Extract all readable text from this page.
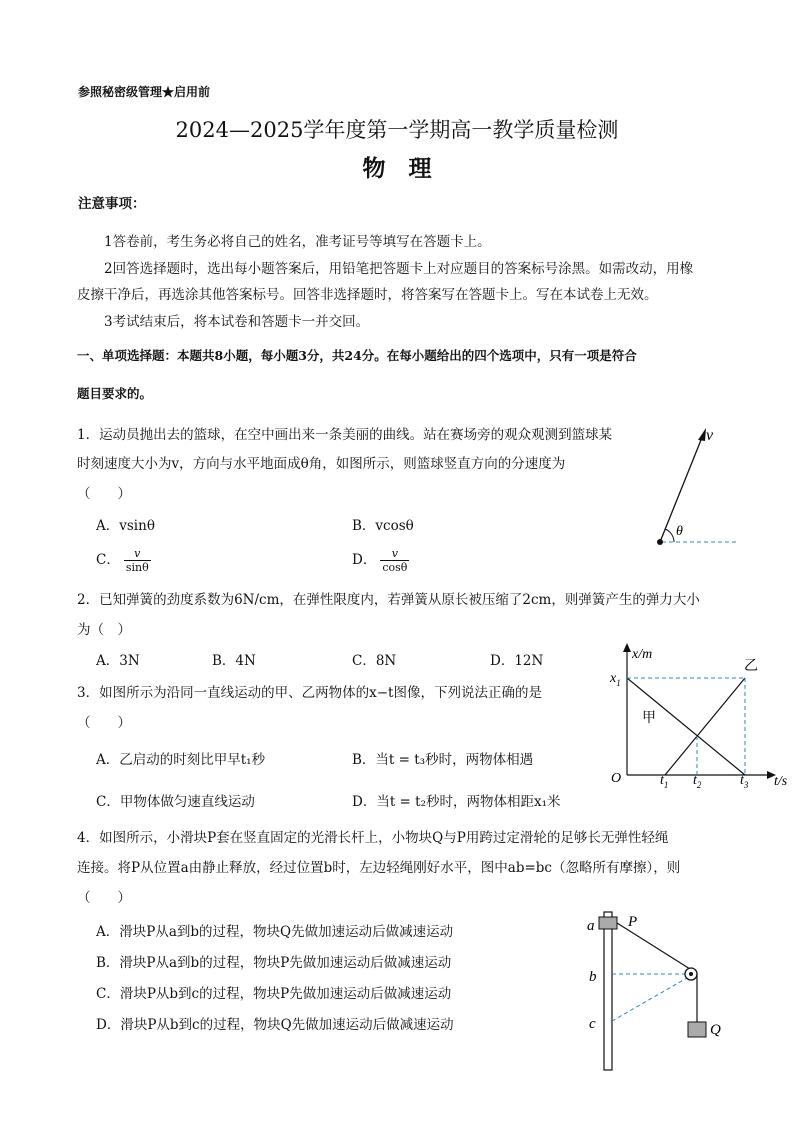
参照秘密级管理★启用前
2024—2025学年度第一学期高一教学质量检测
物　理
注意事项：
1答卷前，考生务必将自己的姓名，准考证号等填写在答题卡上。
2回答选择题时，选出每小题答案后，用铅笔把答题卡上对应题目的答案标号涂黑。如需改动，用橡
皮擦干净后，再选涂其他答案标号。回答非选择题时，将答案写在答题卡上。写在本试卷上无效。
3考试结束后，将本试卷和答题卡一并交回。
一、单项选择题：本题共8小题，每小题3分，共24分。在每小题给出的四个选项中，只有一项是符合
题目要求的。
1．运动员抛出去的篮球，在空中画出来一条美丽的曲线。站在赛场旁的观众观测到篮球某
时刻速度大小为v，方向与水平地面成θ角，如图所示，则篮球竖直方向的分速度为
（　　）
A．vsinθ	B．vcosθ
C． $\frac{v}{\sin\theta}$	D． $\frac{v}{\cos\theta}$
v
θ
2．已知弹簧的劲度系数为6N/cm，在弹性限度内，若弹簧从原长被压缩了2cm，则弹簧产生的弹力大小
为（　）
A．3N	B．4N	C．8N	D．12N
3．如图所示为沿同一直线运动的甲、乙两物体的x−t图像，下列说法正确的是
（　　）
A．乙启动的时刻比甲早t₁秒	B．当t = t₃秒时，两物体相遇
C．甲物体做匀速直线运动	D．当t = t₂秒时，两物体相距x₁米
x/m
t/s
O
$x_1$
$t_1$ $t_2$	$t_3$
甲
乙
4．如图所示，小滑块P套在竖直固定的光滑长杆上，小物块Q与P用跨过定滑轮的足够长无弹性轻绳
连接。将P从位置a由静止释放，经过位置b时，左边轻绳刚好水平，图中ab=bc（忽略所有摩擦），则
（　　）
A．滑块P从a到b的过程，物块Q先做加速运动后做减速运动
B．滑块P从a到b的过程，物块P先做加速运动后做减速运动
C．滑块P从b到c的过程，物块P先做加速运动后做减速运动
D．滑块P从b到c的过程，物块Q先做加速运动后做减速运动
P
Q
a
b
c
